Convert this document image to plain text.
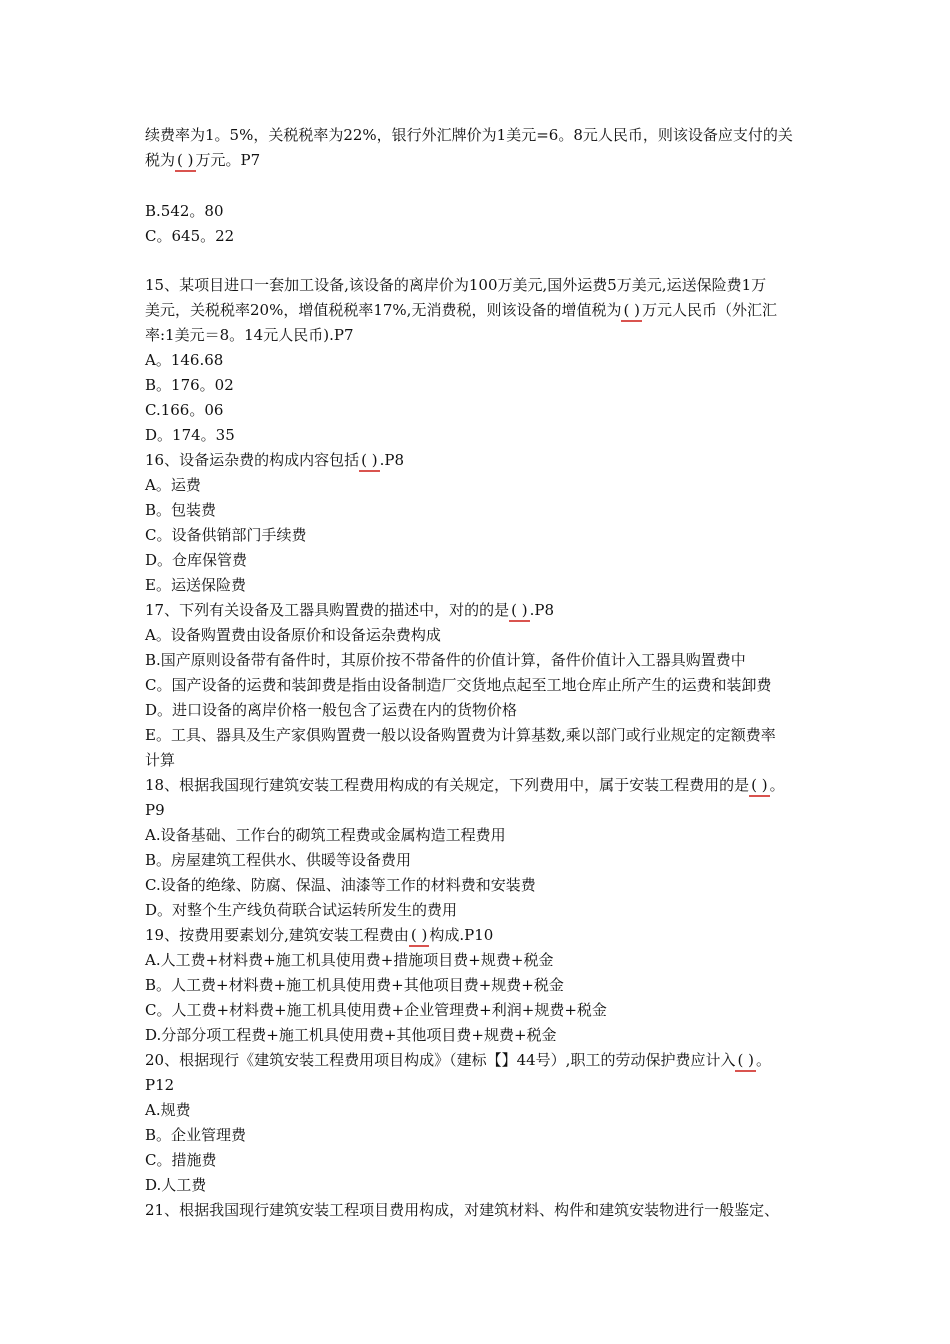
续费率为1。5%，关税税率为22%，银行外汇牌价为1美元=6。8元人民币，则该设备应支付的关
税为 ( ) 万元。P7
B.542。80
C。645。22
15、某项目进口一套加工设备,该设备的离岸价为100万美元,国外运费5万美元,运送保险费1万
美元，关税税率20%，增值税税率17%,无消费税，则该设备的增值税为 ( ) 万元人民币（外汇汇
率:1美元＝8。14元人民币).P7
A。146.68
B。176。02
C.166。06
D。174。35
16、设备运杂费的构成内容包括 ( ) .P8
A。运费
B。包装费
C。设备供销部门手续费
D。仓库保管费
E。运送保险费
17、下列有关设备及工器具购置费的描述中，对的的是 ( ) .P8
A。设备购置费由设备原价和设备运杂费构成
B.国产原则设备带有备件时，其原价按不带备件的价值计算，备件价值计入工器具购置费中
C。国产设备的运费和装卸费是指由设备制造厂交货地点起至工地仓库止所产生的运费和装卸费
D。进口设备的离岸价格一般包含了运费在内的货物价格
E。工具、器具及生产家俱购置费一般以设备购置费为计算基数,乘以部门或行业规定的定额费率
计算
18、根据我国现行建筑安装工程费用构成的有关规定，下列费用中，属于安装工程费用的是 ( ) 。
P9
A.设备基础、工作台的砌筑工程费或金属构造工程费用
B。房屋建筑工程供水、供暖等设备费用
C.设备的绝缘、防腐、保温、油漆等工作的材料费和安装费
D。对整个生产线负荷联合试运转所发生的费用
19、按费用要素划分,建筑安装工程费由 ( ) 构成.P10
A.人工费+材料费+施工机具使用费+措施项目费+规费+税金
B。人工费+材料费+施工机具使用费+其他项目费+规费+税金
C。人工费+材料费+施工机具使用费+企业管理费+利润+规费+税金
D.分部分项工程费+施工机具使用费+其他项目费+规费+税金
20、根据现行《建筑安装工程费用项目构成》（建标【】44号）,职工的劳动保护费应计入 ( ) 。
P12
A.规费
B。企业管理费
C。措施费
D.人工费
21、根据我国现行建筑安装工程项目费用构成，对建筑材料、构件和建筑安装物进行一般鉴定、
